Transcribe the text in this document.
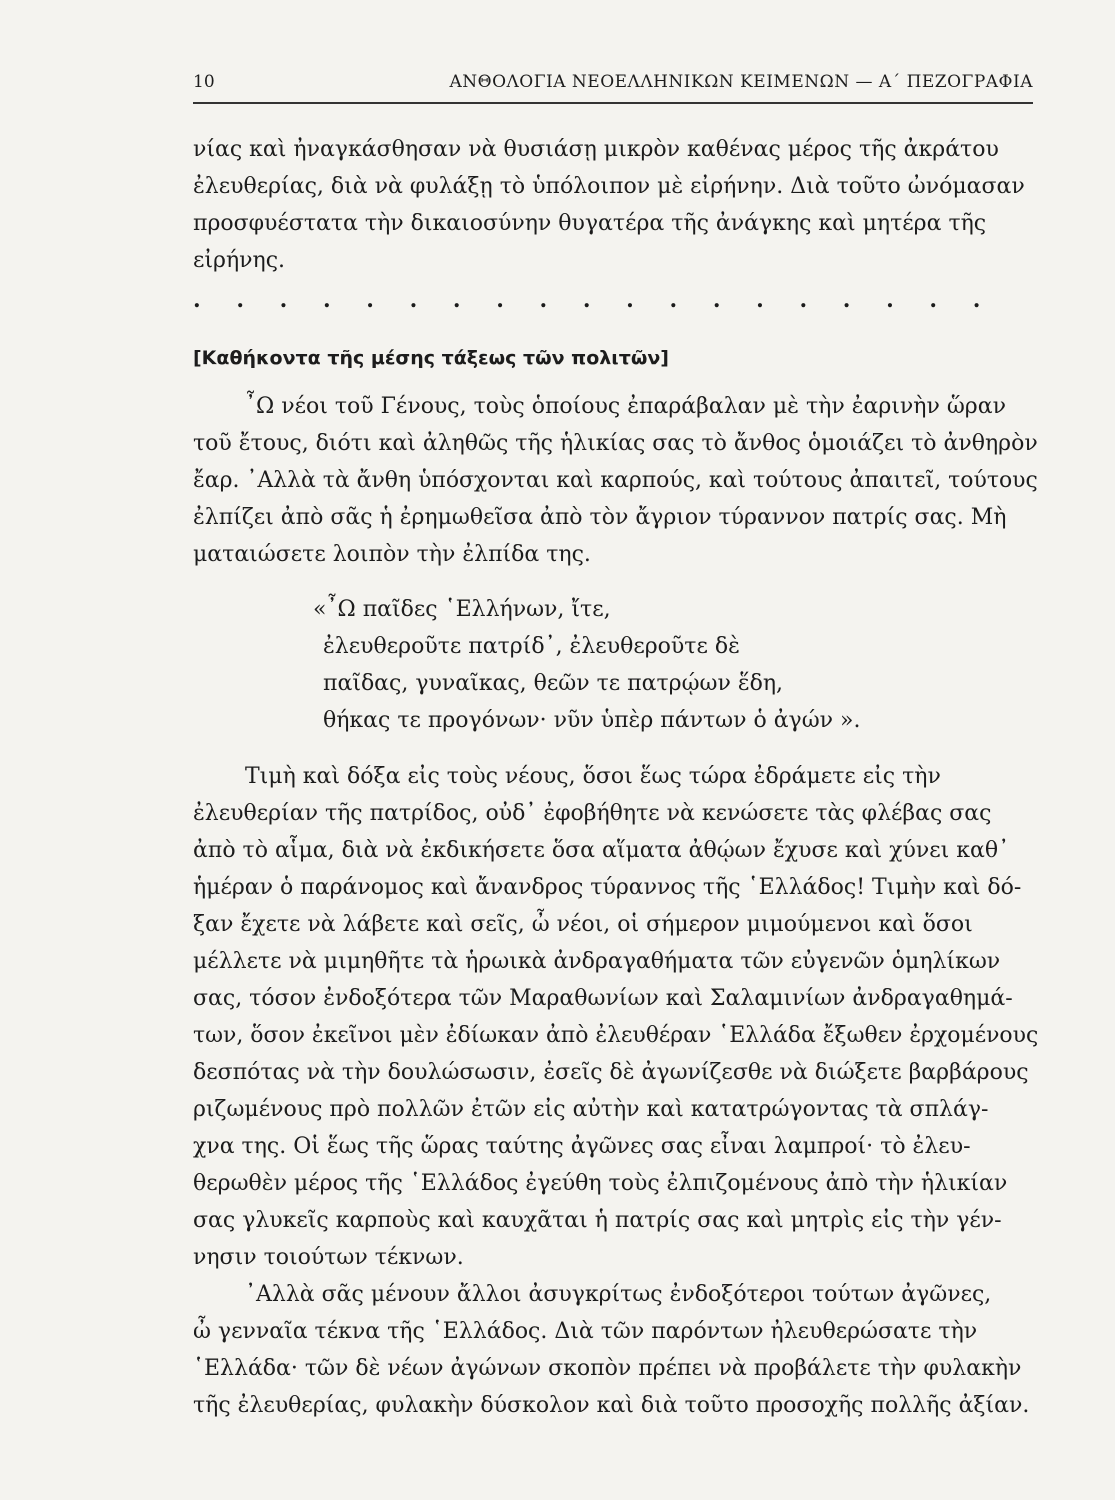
10	ΑΝΘΟΛΟΓΙΑ ΝΕΟΕΛΛΗΝΙΚΩΝ ΚΕΙΜΕΝΩΝ — Α΄ ΠΕΖΟΓΡΑΦΙΑ
νίας καὶ ἠναγκάσθησαν νὰ θυσιάσῃ μικρὸν καθένας μέρος τῆς ἀκράτου
ἐλευθερίας, διὰ νὰ φυλάξῃ τὸ ὑπόλοιπον μὲ εἰρήνην. Διὰ τοῦτο ὠνόμασαν
προσφυέστατα τὴν δικαιοσύνην θυγατέρα τῆς ἀνάγκης καὶ μητέρα τῆς
εἰρήνης.
. . . . . . . . . . . . . . . . . . .
[Καθήκοντα τῆς μέσης τάξεως τῶν πολιτῶν]
῏Ω νέοι τοῦ Γένους, τοὺς ὁποίους ἐπαράβαλαν μὲ τὴν ἐαρινὴν ὥραν
τοῦ ἔτους, διότι καὶ ἀληθῶς τῆς ἡλικίας σας τὸ ἄνθος ὁμοιάζει τὸ ἀνθηρὸν
ἔαρ. ᾿Αλλὰ τὰ ἄνθη ὑπόσχονται καὶ καρπούς, καὶ τούτους ἀπαιτεῖ, τούτους
ἐλπίζει ἀπὸ σᾶς ἡ ἐρημωθεῖσα ἀπὸ τὸν ἄγριον τύραννον πατρίς σας. Μὴ
ματαιώσετε λοιπὸν τὴν ἐλπίδα της.
«῏Ω παῖδες ῾Ελλήνων, ἴτε,
ἐλευθεροῦτε πατρίδ᾿, ἐλευθεροῦτε δὲ
παῖδας, γυναῖκας, θεῶν τε πατρῴων ἕδη,
θήκας τε προγόνων· νῦν ὑπὲρ πάντων ὁ ἀγών ».
Τιμὴ καὶ δόξα εἰς τοὺς νέους, ὅσοι ἕως τώρα ἐδράμετε εἰς τὴν
ἐλευθερίαν τῆς πατρίδος, οὐδ᾿ ἐφοβήθητε νὰ κενώσετε τὰς φλέβας σας
ἀπὸ τὸ αἷμα, διὰ νὰ ἐκδικήσετε ὅσα αἵματα ἀθῴων ἔχυσε καὶ χύνει καθ᾿
ἡμέραν ὁ παράνομος καὶ ἄνανδρος τύραννος τῆς ῾Ελλάδος! Τιμὴν καὶ δό-
ξαν ἔχετε νὰ λάβετε καὶ σεῖς, ὦ νέοι, οἱ σήμερον μιμούμενοι καὶ ὅσοι
μέλλετε νὰ μιμηθῆτε τὰ ἡρωικὰ ἀνδραγαθήματα τῶν εὐγενῶν ὁμηλίκων
σας, τόσον ἐνδοξότερα τῶν Μαραθωνίων καὶ Σαλαμινίων ἀνδραγαθημά-
των, ὅσον ἐκεῖνοι μὲν ἐδίωκαν ἀπὸ ἐλευθέραν ῾Ελλάδα ἔξωθεν ἐρχομένους
δεσπότας νὰ τὴν δουλώσωσιν, ἐσεῖς δὲ ἀγωνίζεσθε νὰ διώξετε βαρβάρους
ριζωμένους πρὸ πολλῶν ἐτῶν εἰς αὐτὴν καὶ κατατρώγοντας τὰ σπλάγ-
χνα της. Οἱ ἕως τῆς ὥρας ταύτης ἀγῶνες σας εἶναι λαμπροί· τὸ ἐλευ-
θερωθὲν μέρος τῆς ῾Ελλάδος ἐγεύθη τοὺς ἐλπιζομένους ἀπὸ τὴν ἡλικίαν
σας γλυκεῖς καρποὺς καὶ καυχᾶται ἡ πατρίς σας καὶ μητρὶς εἰς τὴν γέν-
νησιν τοιούτων τέκνων.
᾿Αλλὰ σᾶς μένουν ἄλλοι ἀσυγκρίτως ἐνδοξότεροι τούτων ἀγῶνες,
ὦ γενναῖα τέκνα τῆς ῾Ελλάδος. Διὰ τῶν παρόντων ἠλευθερώσατε τὴν
῾Ελλάδα· τῶν δὲ νέων ἀγώνων σκοπὸν πρέπει νὰ προβάλετε τὴν φυλακὴν
τῆς ἐλευθερίας, φυλακὴν δύσκολον καὶ διὰ τοῦτο προσοχῆς πολλῆς ἀξίαν.
